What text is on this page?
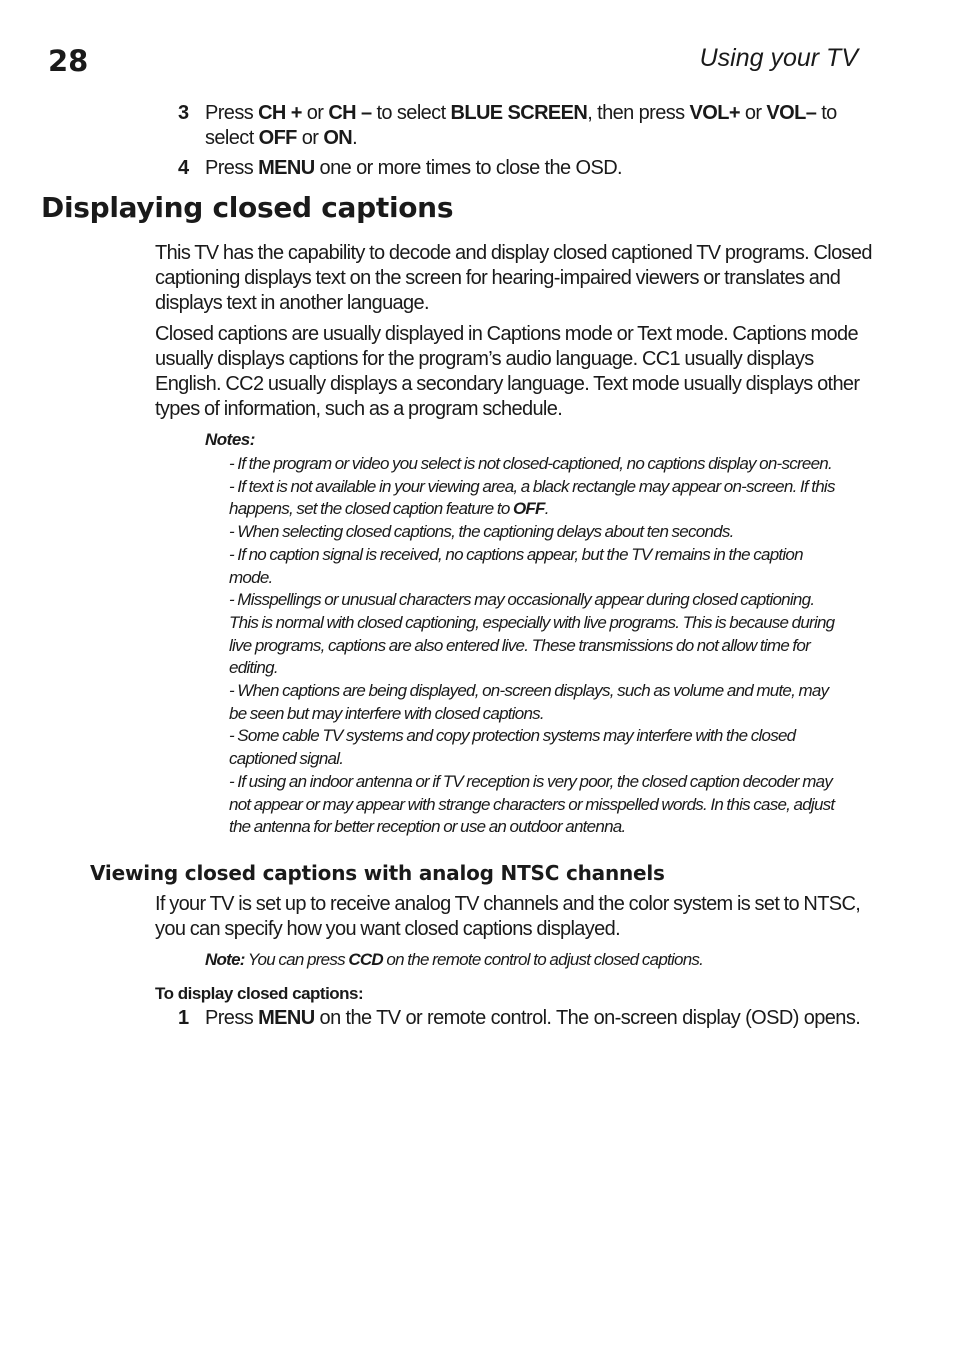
28	Using your TV
3 Press CH + or CH – to select BLUE SCREEN, then press VOL+ or VOL– to select OFF or ON.
4 Press MENU one or more times to close the OSD.
Displaying closed captions

This TV has the capability to decode and display closed captioned TV programs. Closed captioning displays text on the screen for hearing-impaired viewers or translates and displays text in another language.

Closed captions are usually displayed in Captions mode or Text mode. Captions mode usually displays captions for the program’s audio language. CC1 usually displays English. CC2 usually displays a secondary language. Text mode usually displays other types of information, such as a program schedule.

Notes:
- If the program or video you select is not closed-captioned, no captions display on-screen.
- If text is not available in your viewing area, a black rectangle may appear on-screen. If this happens, set the closed caption feature to OFF.
- When selecting closed captions, the captioning delays about ten seconds.
- If no caption signal is received, no captions appear, but the TV remains in the caption mode.
- Misspellings or unusual characters may occasionally appear during closed captioning. This is normal with closed captioning, especially with live programs. This is because during live programs, captions are also entered live. These transmissions do not allow time for editing.
- When captions are being displayed, on-screen displays, such as volume and mute, may be seen but may interfere with closed captions.
- Some cable TV systems and copy protection systems may interfere with the closed captioned signal.
- If using an indoor antenna or if TV reception is very poor, the closed caption decoder may not appear or may appear with strange characters or misspelled words. In this case, adjust the antenna for better reception or use an outdoor antenna.
Viewing closed captions with analog NTSC channels

If your TV is set up to receive analog TV channels and the color system is set to NTSC, you can specify how you want closed captions displayed.

Note: You can press CCD on the remote control to adjust closed captions.
To display closed captions:
1 Press MENU on the TV or remote control. The on-screen display (OSD) opens.
